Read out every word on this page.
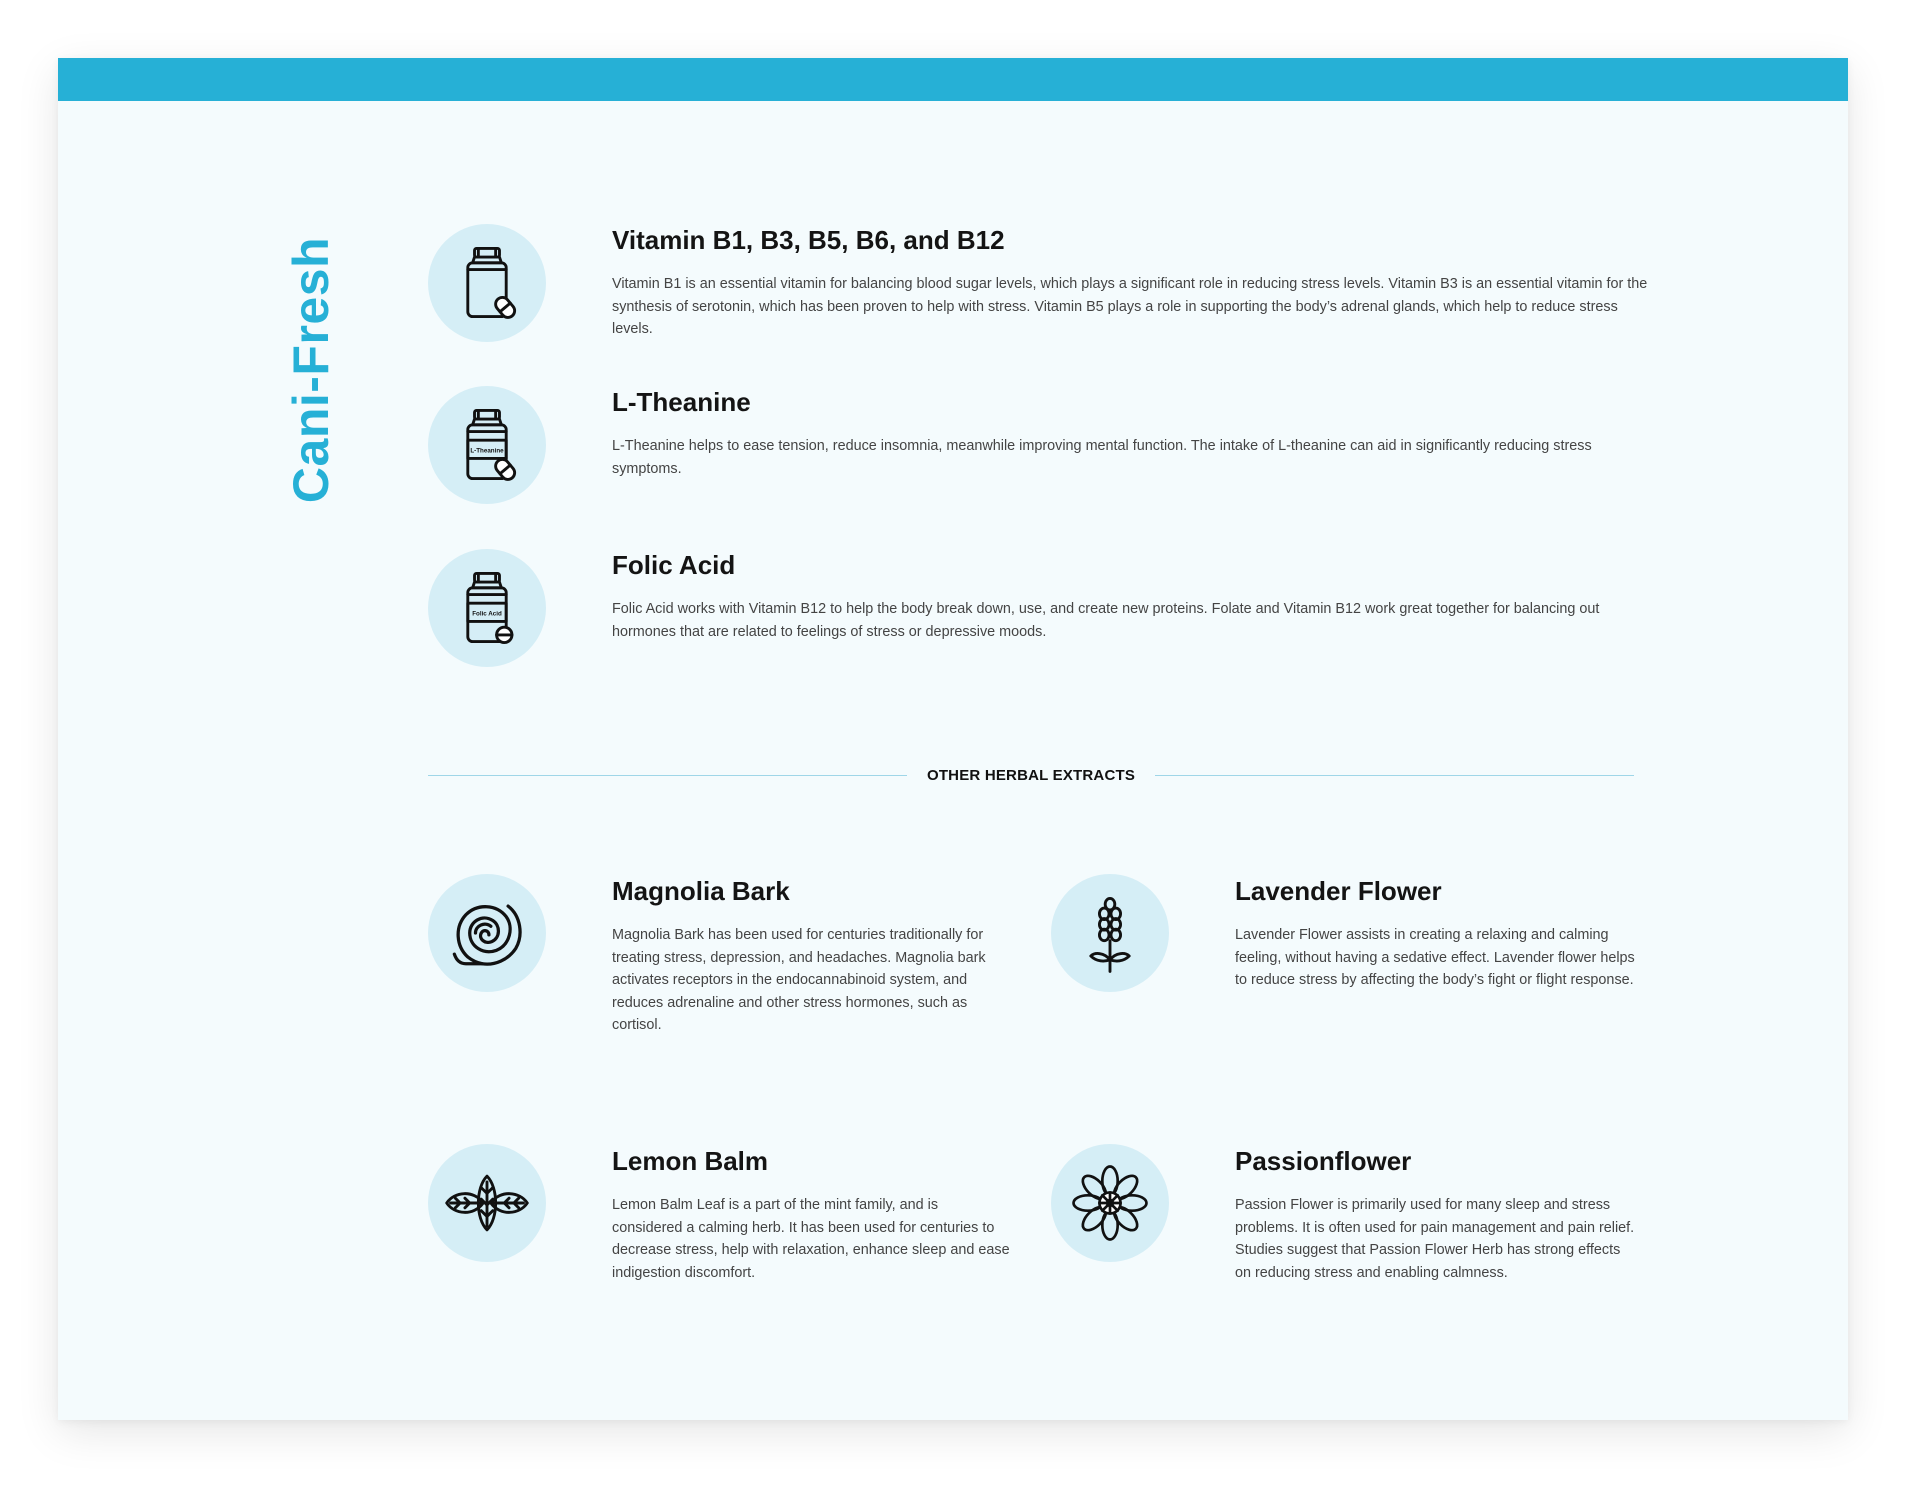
Cani-Fresh	Vitamin B1, B3, B5, B6, and B12

Vitamin B1 is an essential vitamin for balancing blood sugar levels, which plays a significant role in reducing stress levels. Vitamin B3 is an essential vitamin for the synthesis of serotonin, which has been proven to help with stress. Vitamin B5 plays a role in supporting the body’s adrenal glands, which help to reduce stress levels.

L-Theanine
L-Theanine

L-Theanine helps to ease tension, reduce insomnia, meanwhile improving mental function. The intake of L-theanine can aid in significantly reducing stress symptoms.

Folic Acid
Folic Acid

Folic Acid works with Vitamin B12 to help the body break down, use, and create new proteins. Folate and Vitamin B12 work great together for balancing out hormones that are related to feelings of stress or depressive moods.

OTHER HERBAL EXTRACTS
Magnolia Bark

Magnolia Bark has been used for centuries traditionally for treating stress, depression, and headaches. Magnolia bark activates receptors in the endocannabinoid system, and reduces adrenaline and other stress hormones, such as cortisol.

Lavender Flower

Lavender Flower assists in creating a relaxing and calming feeling, without having a sedative effect. Lavender flower helps to reduce stress by affecting the body’s fight or flight response.

Lemon Balm

Lemon Balm Leaf is a part of the mint family, and is considered a calming herb. It has been used for centuries to decrease stress, help with relaxation, enhance sleep and ease indigestion discomfort.

Passionflower

Passion Flower is primarily used for many sleep and stress problems. It is often used for pain management and pain relief. Studies suggest that Passion Flower Herb has strong effects on reducing stress and enabling calmness.
